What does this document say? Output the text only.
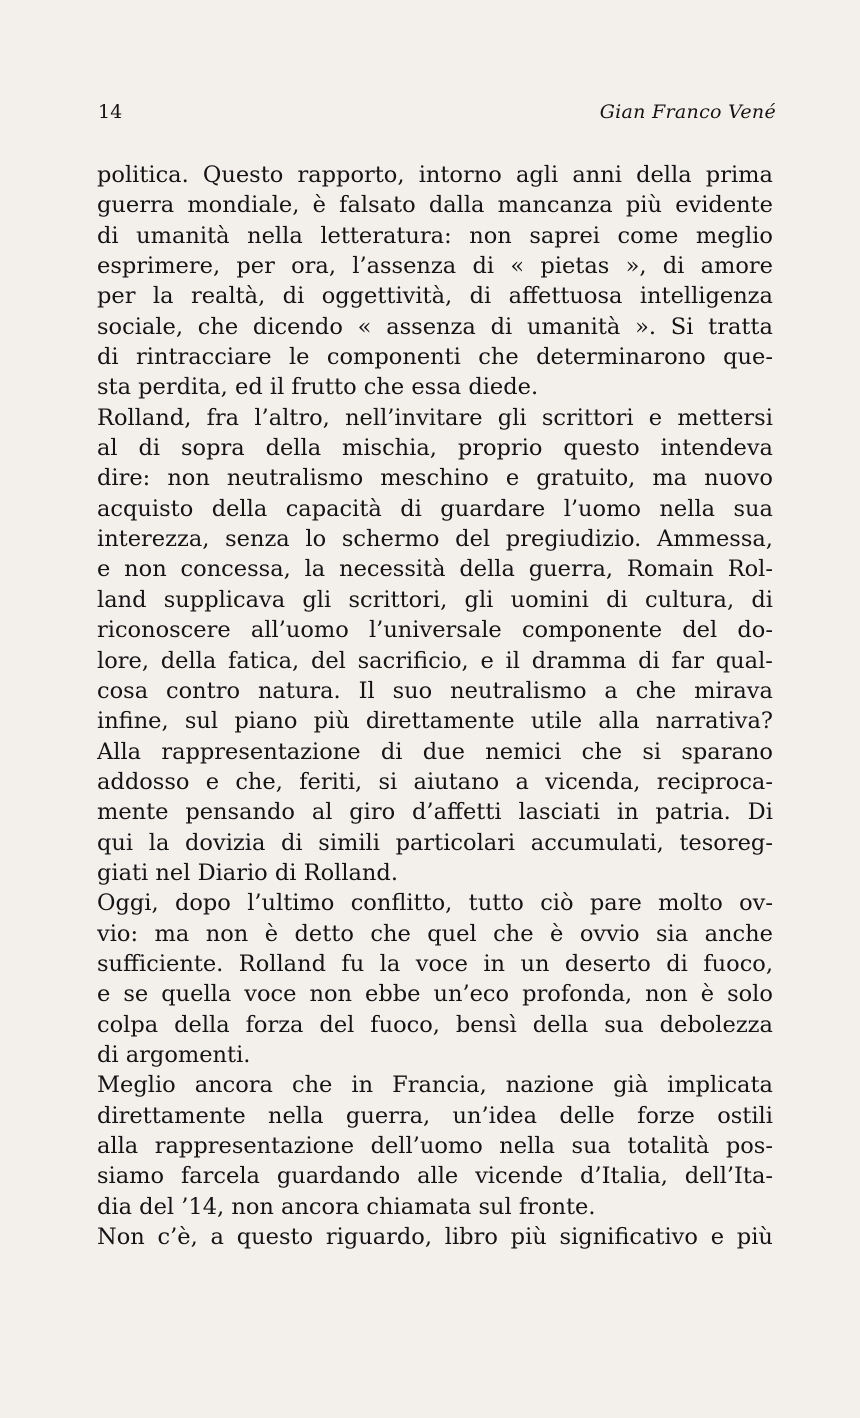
14	Gian Franco Vené
politica. Questo rapporto, intorno agli anni della prima
guerra mondiale, è falsato dalla mancanza più evidente
di umanità nella letteratura: non saprei come meglio
esprimere, per ora, l’assenza di « pietas », di amore
per la realtà, di oggettività, di affettuosa intelligenza
sociale, che dicendo « assenza di umanità ». Si tratta
di rintracciare le componenti che determinarono que-
sta perdita, ed il frutto che essa diede.
Rolland, fra l’altro, nell’invitare gli scrittori e mettersi
al di sopra della mischia, proprio questo intendeva
dire: non neutralismo meschino e gratuito, ma nuovo
acquisto della capacità di guardare l’uomo nella sua
interezza, senza lo schermo del pregiudizio. Ammessa,
e non concessa, la necessità della guerra, Romain Rol-
land supplicava gli scrittori, gli uomini di cultura, di
riconoscere all’uomo l’universale componente del do-
lore, della fatica, del sacrificio, e il dramma di far qual-
cosa contro natura. Il suo neutralismo a che mirava
infine, sul piano più direttamente utile alla narrativa?
Alla rappresentazione di due nemici che si sparano
addosso e che, feriti, si aiutano a vicenda, reciproca-
mente pensando al giro d’affetti lasciati in patria. Di
qui la dovizia di simili particolari accumulati, tesoreg-
giati nel Diario di Rolland.
Oggi, dopo l’ultimo conflitto, tutto ciò pare molto ov-
vio: ma non è detto che quel che è ovvio sia anche
sufficiente. Rolland fu la voce in un deserto di fuoco,
e se quella voce non ebbe un’eco profonda, non è solo
colpa della forza del fuoco, bensì della sua debolezza
di argomenti.
Meglio ancora che in Francia, nazione già implicata
direttamente nella guerra, un’idea delle forze ostili
alla rappresentazione dell’uomo nella sua totalità pos-
siamo farcela guardando alle vicende d’Italia, dell’Ita-
dia del ’14, non ancora chiamata sul fronte.
Non c’è, a questo riguardo, libro più significativo e più
